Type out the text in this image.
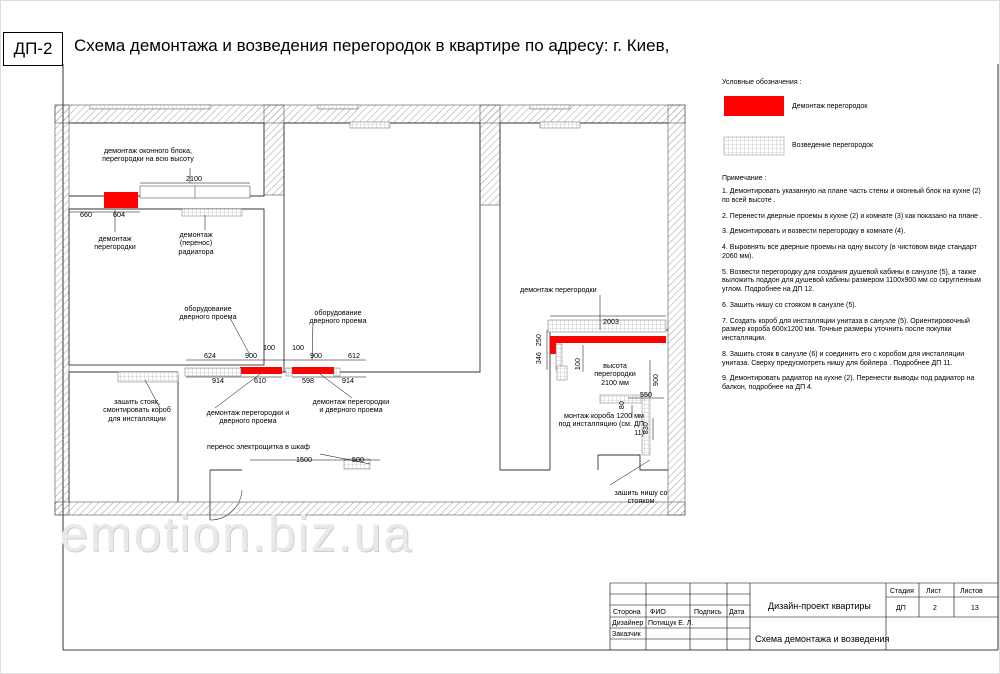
ДП-2	Схема демонтажа и возведения перегородок в квартире по адресу: г. Киев,
Условные обозначения :
Демонтаж перегородок
Возведение перегородок
Примечание :

1. Демонтировать указанную на плане часть стены и оконный блок на кухне (2) по всей высоте .

2. Перенести дверные проемы в кухне (2) и комнате (3) как показано на плане .

3. Демонтировать и возвести перегородку в комнате (4).

4. Выровнять все дверные проемы на одну высоту (в чистовом виде стандарт 2060 мм).

5. Возвести перегородку для создания душевой кабины в санузле (5), а также выложить поддон для душевой кабины размером 1100х900 мм со скругленным углом. Подробнее на ДП 12.

6. Зашить нишу со стояком в санузле (5).

7. Создать короб для инсталляции унитаза в санузле (5). Ориентировочный размер короба 600х1200 мм. Точные размеры уточнить после покупки инсталляции.

8. Зашить стояк в санузле (6) и соединить его с коробом для инсталляции унитаза. Сверху предусмотреть нишу для бойлера . Подробнее ДП 11.

9. Демонтировать радиатор на кухне (2). Перенести выводы под радиатор на балкон, подробнее на ДП 4.

демонтаж оконного блока, перегородки на всю высоту
демонтаж перегородки
демонтаж (перенос) радиатора
оборудование дверного проема	оборудование дверного проема
демонтаж перегородки и дверного проема
демонтаж перегородки и дверного проема
зашить стояк, смонтировать короб для инсталляции
перенос электрощитка в шкаф
демонтаж перегородки
высота перегородки 2100 мм
монтаж короба 1200 мм под инсталляцию (см. ДП 11)
зашить нишу со стояком
2100
660	604
624	900
100 100
900	612
914	610	598	914
1500	500
2003
346
250
100
900
550
80
830
emotion.biz.ua
Дизайн-проект квартиры
Схема демонтажа и возведения
Стадия Лист	Листов
ДП	2	13
Сторона ФИО	Подпись Дата
Дизайнер Потищук Е. Л.
Заказчик
